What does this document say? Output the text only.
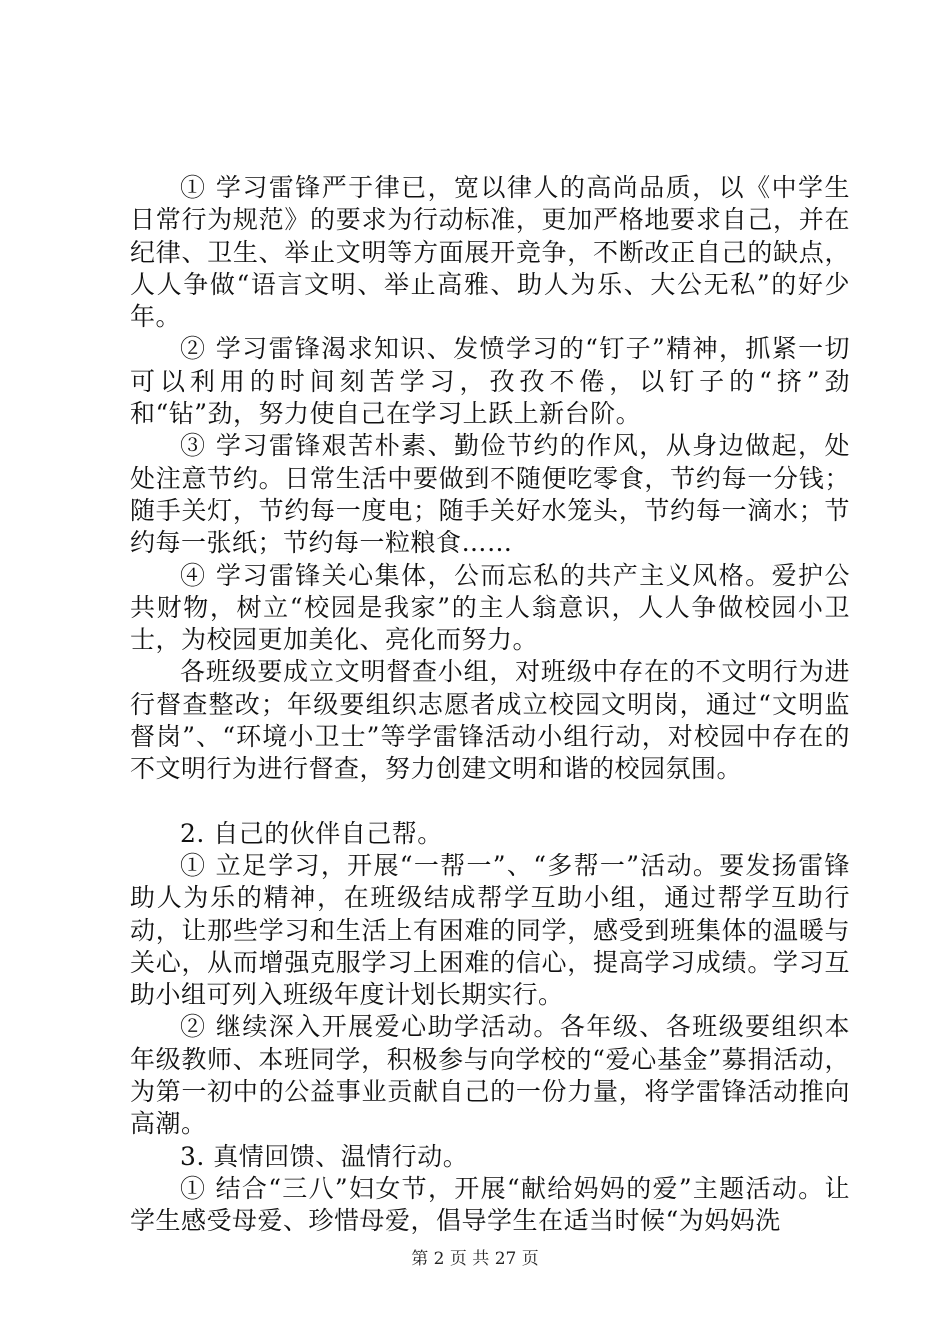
① 学习雷锋严于律已，宽以律人的高尚品质，以《中学生日常行为规范》的要求为行动标准，更加严格地要求自己，并在纪律、卫生、举止文明等方面展开竞争，不断改正自己的缺点，人人争做“语言文明、举止高雅、助人为乐、大公无私”的好少年。

② 学习雷锋渴求知识、发愤学习的“钉子”精神，抓紧一切可以利用的时间刻苦学习，孜孜不倦，以钉子的“挤”劲和“钻”劲，努力使自己在学习上跃上新台阶。

③ 学习雷锋艰苦朴素、勤俭节约的作风，从身边做起，处处注意节约。日常生活中要做到不随便吃零食，节约每一分钱；随手关灯，节约每一度电；随手关好水笼头，节约每一滴水；节约每一张纸；节约每一粒粮食……

④ 学习雷锋关心集体，公而忘私的共产主义风格。爱护公共财物，树立“校园是我家”的主人翁意识，人人争做校园小卫士，为校园更加美化、亮化而努力。

各班级要成立文明督查小组，对班级中存在的不文明行为进行督查整改；年级要组织志愿者成立校园文明岗，通过“文明监督岗”、“环境小卫士”等学雷锋活动小组行动，对校园中存在的不文明行为进行督查，努力创建文明和谐的校园氛围。

2. 自己的伙伴自己帮。

① 立足学习，开展“一帮一”、“多帮一”活动。要发扬雷锋助人为乐的精神，在班级结成帮学互助小组，通过帮学互助行动，让那些学习和生活上有困难的同学，感受到班集体的温暖与关心，从而增强克服学习上困难的信心，提高学习成绩。学习互助小组可列入班级年度计划长期实行。

② 继续深入开展爱心助学活动。各年级、各班级要组织本年级教师、本班同学，积极参与向学校的“爱心基金”募捐活动，为第一初中的公益事业贡献自己的一份力量，将学雷锋活动推向高潮。

3. 真情回馈、温情行动。

① 结合“三八”妇女节，开展“献给妈妈的爱”主题活动。让学生感受母爱、珍惜母爱，倡导学生在适当时候“为妈妈洗

第 2 页 共 27 页
